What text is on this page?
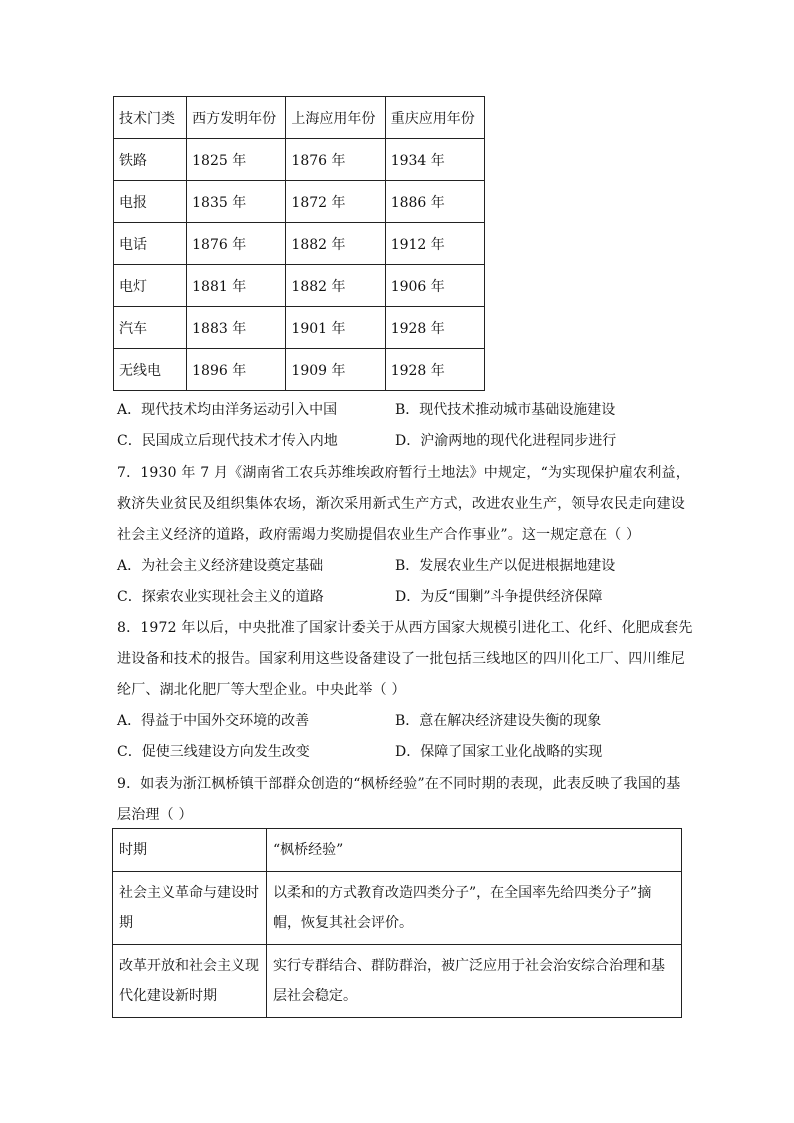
技术门类	西方发明年份	上海应用年份	重庆应用年份
铁路	1825 年	1876 年	1934 年
电报	1835 年	1872 年	1886 年
电话	1876 年	1882 年	1912 年
电灯	1881 年	1882 年	1906 年
汽车	1883 年	1901 年	1928 年
无线电	1896 年	1909 年	1928 年
A．现代技术均由洋务运动引入中国	B．现代技术推动城市基础设施建设
C．民国成立后现代技术才传入内地	D．沪渝两地的现代化进程同步进行
7．1930 年 7 月《湖南省工农兵苏维埃政府暂行土地法》中规定，“为实现保护雇农利益，
救济失业贫民及组织集体农场，渐次采用新式生产方式，改进农业生产，领导农民走向建设
社会主义经济的道路，政府需竭力奖励提倡农业生产合作事业”。这一规定意在（ ）
A．为社会主义经济建设奠定基础	B．发展农业生产以促进根据地建设
C．探索农业实现社会主义的道路	D．为反“围剿”斗争提供经济保障
8．1972 年以后，中央批准了国家计委关于从西方国家大规模引进化工、化纤、化肥成套先
进设备和技术的报告。国家利用这些设备建设了一批包括三线地区的四川化工厂、四川维尼
纶厂、湖北化肥厂等大型企业。中央此举（ ）
A．得益于中国外交环境的改善	B．意在解决经济建设失衡的现象
C．促使三线建设方向发生改变	D．保障了国家工业化战略的实现
9．如表为浙江枫桥镇干部群众创造的“枫桥经验”在不同时期的表现，此表反映了我国的基
层治理（ ）
时期	“枫桥经验”
社会主义革命与建设时期	以柔和的方式教育改造四类分子”，在全国率先给四类分子”摘帽，恢复其社会评价。
改革开放和社会主义现代化建设新时期	实行专群结合、群防群治，被广泛应用于社会治安综合治理和基层社会稳定。
